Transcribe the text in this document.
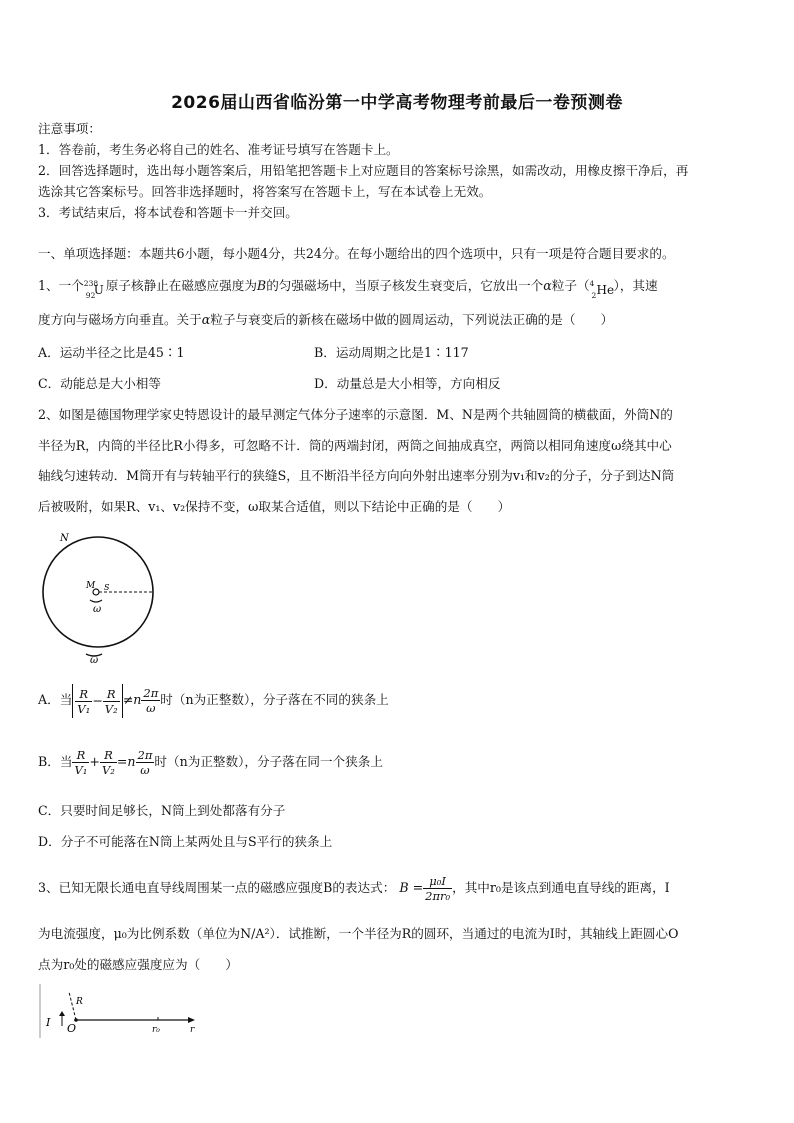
2026届山西省临汾第一中学高考物理考前最后一卷预测卷
注意事项：
1．答卷前，考生务必将自己的姓名、准考证号填写在答题卡上。
2．回答选择题时，选出每小题答案后，用铅笔把答题卡上对应题目的答案标号涂黑，如需改动，用橡皮擦干净后，再
选涂其它答案标号。回答非选择题时，将答案写在答题卡上，写在本试卷上无效。
3．考试结束后，将本试卷和答题卡一并交回。
一、单项选择题：本题共6小题，每小题4分，共24分。在每小题给出的四个选项中，只有一项是符合题目要求的。
1、一个 238
92
U 原子核静止在磁感应强度为B的匀强磁场中，当原子核发生衰变后，它放出一个α粒子（ 4
2 He ），其速
度方向与磁场方向垂直。关于α粒子与衰变后的新核在磁场中做的圆周运动，下列说法正确的是（　　）
A．运动半径之比是45∶1	B．运动周期之比是1∶117
C．动能总是大小相等	D．动量总是大小相等，方向相反
2、如图是德国物理学家史特恩设计的最早测定气体分子速率的示意图．M、N是两个共轴圆筒的横截面，外筒N的
半径为R，内筒的半径比R小得多，可忽略不计．筒的两端封闭，两筒之间抽成真空，两筒以相同角速度ω绕其中心
轴线匀速转动．M筒开有与转轴平行的狭缝S，且不断沿半径方向向外射出速率分别为v₁和v₂的分子，分子到达N筒
后被吸附，如果R、v₁、v₂保持不变，ω取某合适值，则以下结论中正确的是（　　）
N
M S
ω
ω
A．当 $\frac{R}{\text{V₁}} - \frac{R}{\text{V₂}} \ne n \frac{2\pi}{\omega}$ 时（n为正整数），分子落在不同的狭条上
B．当 $\frac{R}{\text{V₁}} + \frac{R}{\text{V₂}} =n \frac{2\pi}{\omega}$ 时（n为正整数），分子落在同一个狭条上
C．只要时间足够长，N筒上到处都落有分子
D．分子不可能落在N筒上某两处且与S平行的狭条上
3、已知无限长通电直导线周围某一点的磁感应强度B的表达式： $B = \frac{\text{μ₀I}}{\text{2πr₀}}$ ，其中r₀是该点到通电直导线的距离，I
为电流强度，μ₀为比例系数（单位为N/A²）．试推断，一个半径为R的圆环，当通过的电流为I时，其轴线上距圆心O
点为r₀处的磁感应强度应为（　　）
I O
R
r₀	r
